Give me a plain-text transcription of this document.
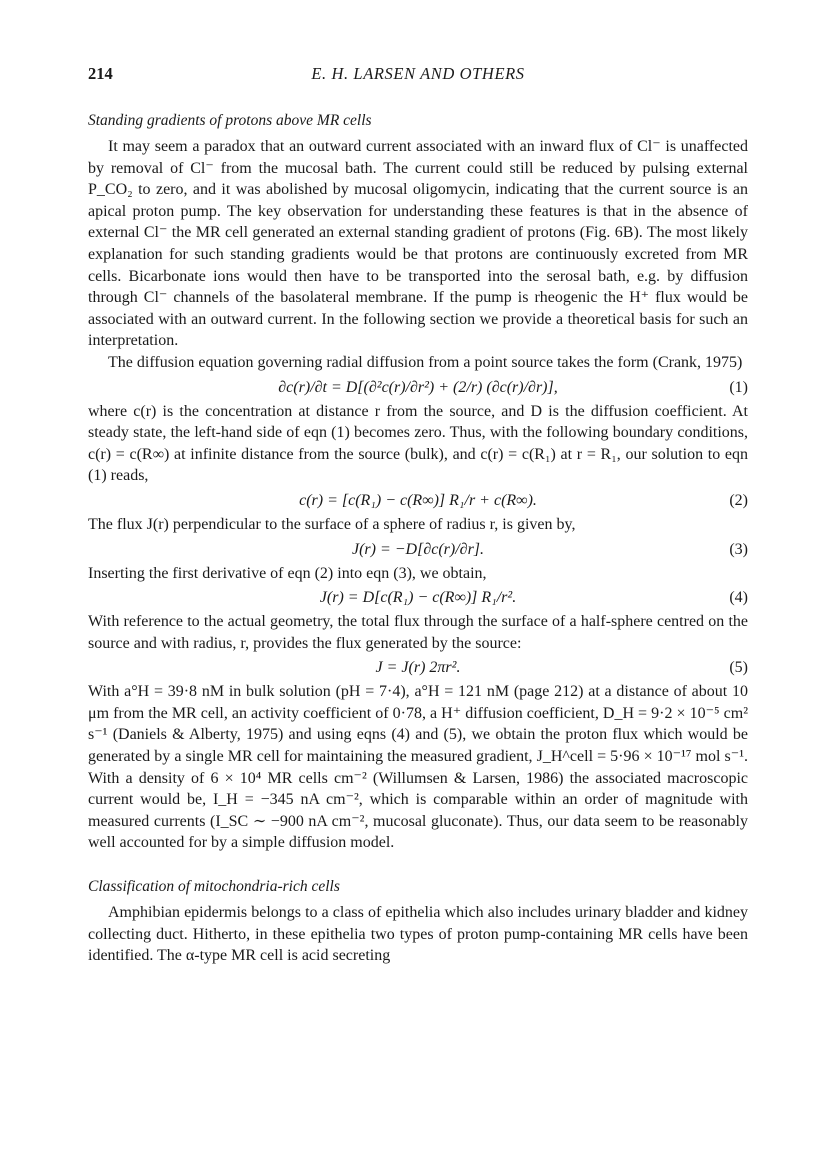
214	E. H. LARSEN AND OTHERS
Standing gradients of protons above MR cells

It may seem a paradox that an outward current associated with an inward flux of Cl⁻ is unaffected by removal of Cl⁻ from the mucosal bath. The current could still be reduced by pulsing external P_CO₂ to zero, and it was abolished by mucosal oligomycin, indicating that the current source is an apical proton pump. The key observation for understanding these features is that in the absence of external Cl⁻ the MR cell generated an external standing gradient of protons (Fig. 6B). The most likely explanation for such standing gradients would be that protons are continuously excreted from MR cells. Bicarbonate ions would then have to be transported into the serosal bath, e.g. by diffusion through Cl⁻ channels of the basolateral membrane. If the pump is rheogenic the H⁺ flux would be associated with an outward current. In the following section we provide a theoretical basis for such an interpretation.

The diffusion equation governing radial diffusion from a point source takes the form (Crank, 1975)

∂c(r)/∂t = D[(∂²c(r)/∂r²) + (2/r) (∂c(r)/∂r)],	(1)

where c(r) is the concentration at distance r from the source, and D is the diffusion coefficient. At steady state, the left-hand side of eqn (1) becomes zero. Thus, with the following boundary conditions, c(r) = c(R∞) at infinite distance from the source (bulk), and c(r) = c(R₁) at r = R₁, our solution to eqn (1) reads,

c(r) = [c(R₁) − c(R∞)] R₁/r + c(R∞).	(2)

The flux J(r) perpendicular to the surface of a sphere of radius r, is given by,

J(r) = −D[∂c(r)/∂r].	(3)

Inserting the first derivative of eqn (2) into eqn (3), we obtain,

J(r) = D[c(R₁) − c(R∞)] R₁/r².	(4)

With reference to the actual geometry, the total flux through the surface of a half-sphere centred on the source and with radius, r, provides the flux generated by the source:

J = J(r) 2πr².	(5)

With a°H = 39·8 nM in bulk solution (pH = 7·4), a°H = 121 nM (page 212) at a distance of about 10 μm from the MR cell, an activity coefficient of 0·78, a H⁺ diffusion coefficient, D_H = 9·2 × 10⁻⁵ cm² s⁻¹ (Daniels & Alberty, 1975) and using eqns (4) and (5), we obtain the proton flux which would be generated by a single MR cell for maintaining the measured gradient, J_H^cell = 5·96 × 10⁻¹⁷ mol s⁻¹. With a density of 6 × 10⁴ MR cells cm⁻² (Willumsen & Larsen, 1986) the associated macroscopic current would be, I_H = −345 nA cm⁻², which is comparable within an order of magnitude with measured currents (I_SC ∼ −900 nA cm⁻², mucosal gluconate). Thus, our data seem to be reasonably well accounted for by a simple diffusion model.

Classification of mitochondria-rich cells

Amphibian epidermis belongs to a class of epithelia which also includes urinary bladder and kidney collecting duct. Hitherto, in these epithelia two types of proton pump-containing MR cells have been identified. The α-type MR cell is acid secreting
